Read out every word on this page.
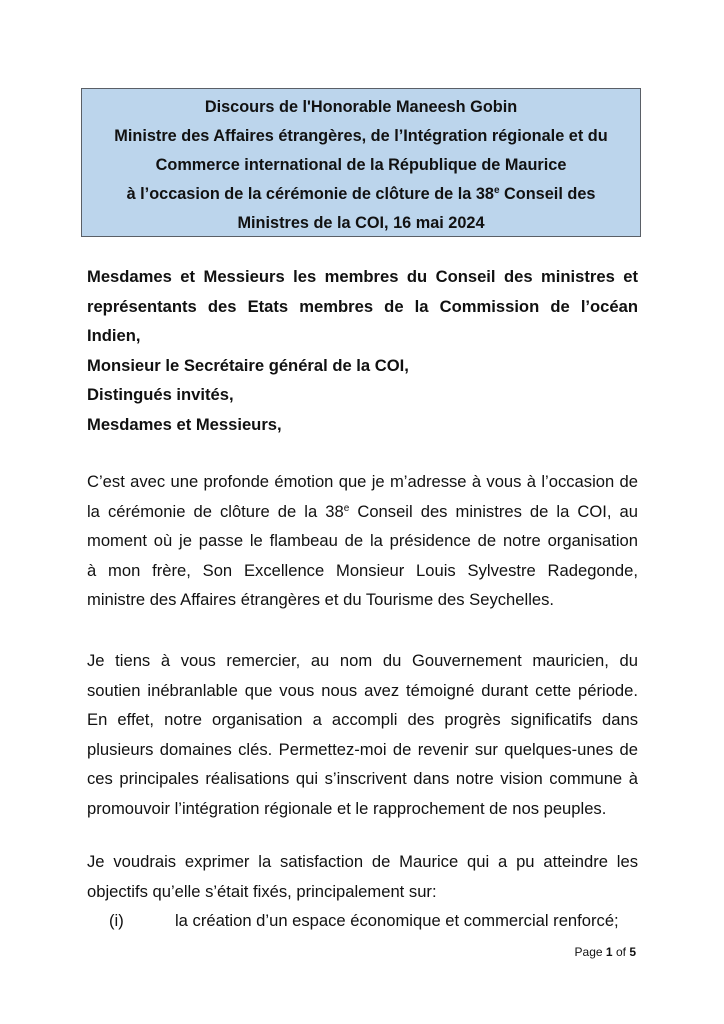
Discours de l'Honorable Maneesh Gobin
Ministre des Affaires étrangères, de l’Intégration régionale et du
Commerce international de la République de Maurice
à l’occasion de la cérémonie de clôture de la 38e Conseil des
Ministres de la COI, 16 mai 2024
Mesdames et Messieurs les membres du Conseil des ministres et
représentants des Etats membres de la Commission de l’océan
Indien,
Monsieur le Secrétaire général de la COI,
Distingués invités,
Mesdames et Messieurs,
C’est avec une profonde émotion que je m’adresse à vous à l’occasion de
la cérémonie de clôture de la 38e Conseil des ministres de la COI, au
moment où je passe le flambeau de la présidence de notre organisation
à mon frère, Son Excellence Monsieur Louis Sylvestre Radegonde,
ministre des Affaires étrangères et du Tourisme des Seychelles.
Je tiens à vous remercier, au nom du Gouvernement mauricien, du
soutien inébranlable que vous nous avez témoigné durant cette période.
En effet, notre organisation a accompli des progrès significatifs dans
plusieurs domaines clés. Permettez-moi de revenir sur quelques-unes de
ces principales réalisations qui s’inscrivent dans notre vision commune à
promouvoir l’intégration régionale et le rapprochement de nos peuples.
Je voudrais exprimer la satisfaction de Maurice qui a pu atteindre les
objectifs qu’elle s’était fixés, principalement sur:
(i)	la création d’un espace économique et commercial renforcé;
Page 1 of 5
